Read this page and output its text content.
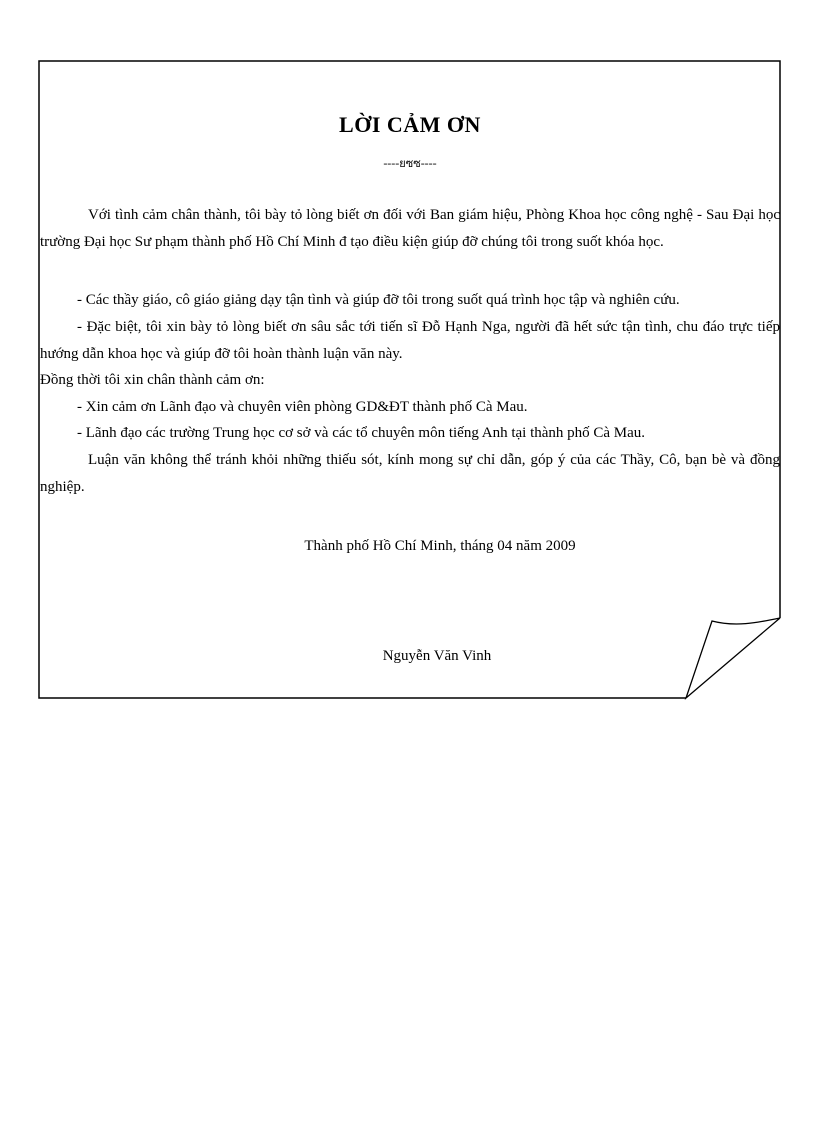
LỜI CẢM ƠN
----ยซซ----
Với tình cảm chân thành, tôi bày tỏ lòng biết ơn đối với Ban giám hiệu, Phòng Khoa học công nghệ - Sau Đại học trường Đại học Sư phạm thành phố Hồ Chí Minh đ tạo điều kiện giúp đỡ chúng tôi trong suốt khóa học.
- Các thầy giáo, cô giáo giảng dạy tận tình và giúp đỡ tôi trong suốt quá trình học tập và nghiên cứu.
- Đặc biệt, tôi xin bày tỏ lòng biết ơn sâu sắc tới tiến sĩ Đỗ Hạnh Nga, người đã hết sức tận tình, chu đáo trực tiếp hướng dẫn khoa học và giúp đỡ tôi hoàn thành luận văn này.
Đồng thời tôi xin chân thành cảm ơn:
- Xin cảm ơn Lãnh đạo và chuyên viên phòng GD&ĐT thành phố Cà Mau.
- Lãnh đạo các trường Trung học cơ sở và các tổ chuyên môn tiếng Anh tại thành phố Cà Mau.
Luận văn không thể tránh khỏi những thiếu sót, kính mong sự chỉ dẫn, góp ý của các Thầy, Cô, bạn bè và đồng nghiệp.
Thành phố Hồ Chí Minh, tháng 04 năm 2009
Nguyễn Văn Vinh
